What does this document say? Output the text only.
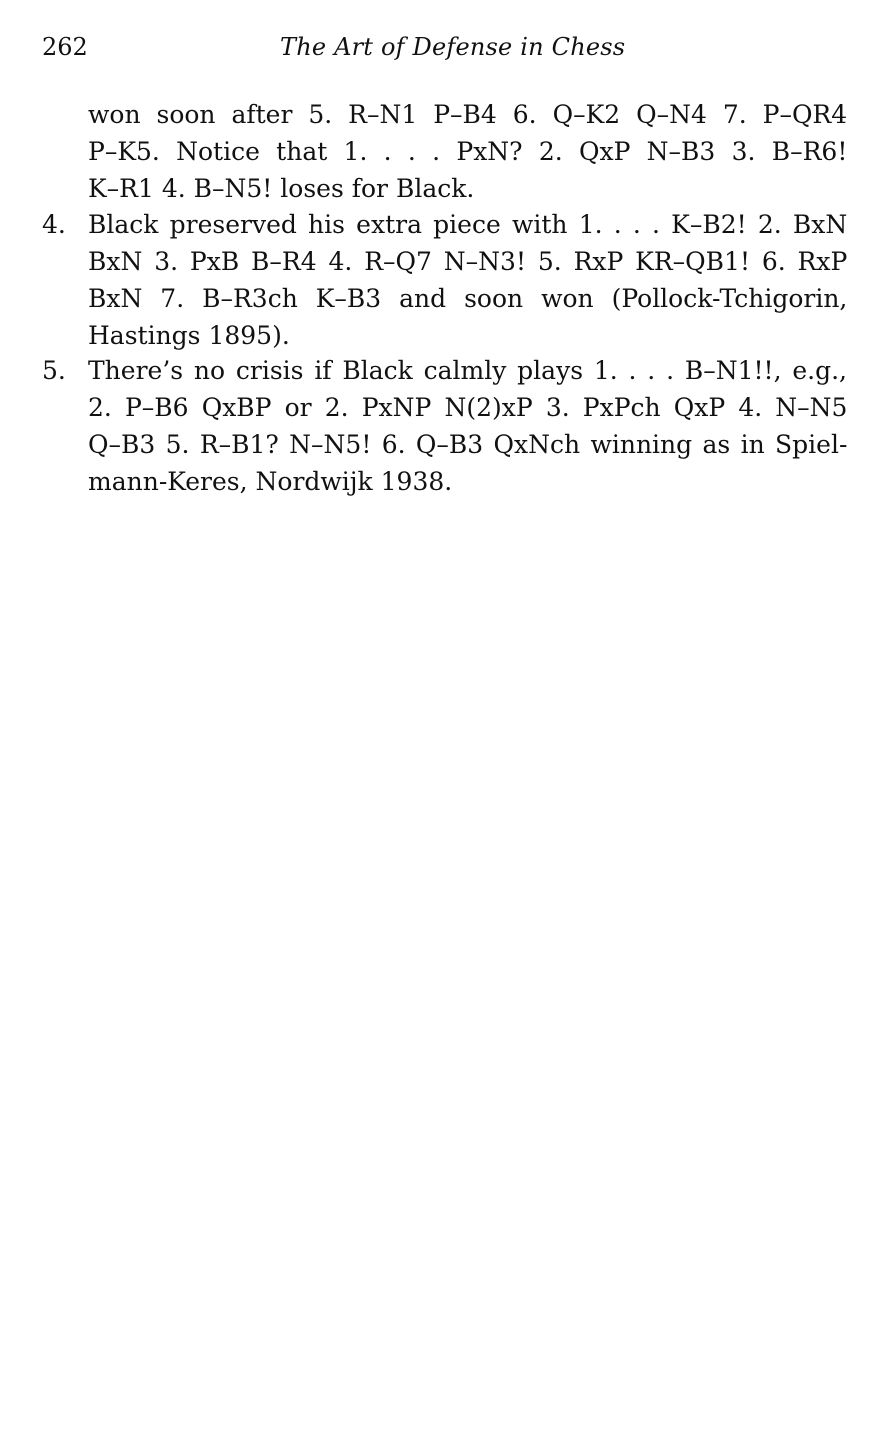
262	The Art of Defense in Chess
won soon after 5. R–N1 P–B4 6. Q–K2 Q–N4 7. P–QR4
P–K5. Notice that 1. . . . PxN? 2. QxP N–B3 3. B–R6!
K–R1 4. B–N5! loses for Black.
4. Black preserved his extra piece with 1. . . . K–B2! 2. BxN
BxN 3. PxB B–R4 4. R–Q7 N–N3! 5. RxP KR–QB1! 6. RxP
BxN 7. B–R3ch K–B3 and soon won (Pollock-Tchigorin,
Hastings 1895).
5. There’s no crisis if Black calmly plays 1. . . . B–N1!!, e.g.,
2. P–B6 QxBP or 2. PxNP N(2)xP 3. PxPch QxP 4. N–N5
Q–B3 5. R–B1? N–N5! 6. Q–B3 QxNch winning as in Spiel-
mann-Keres, Nordwijk 1938.
